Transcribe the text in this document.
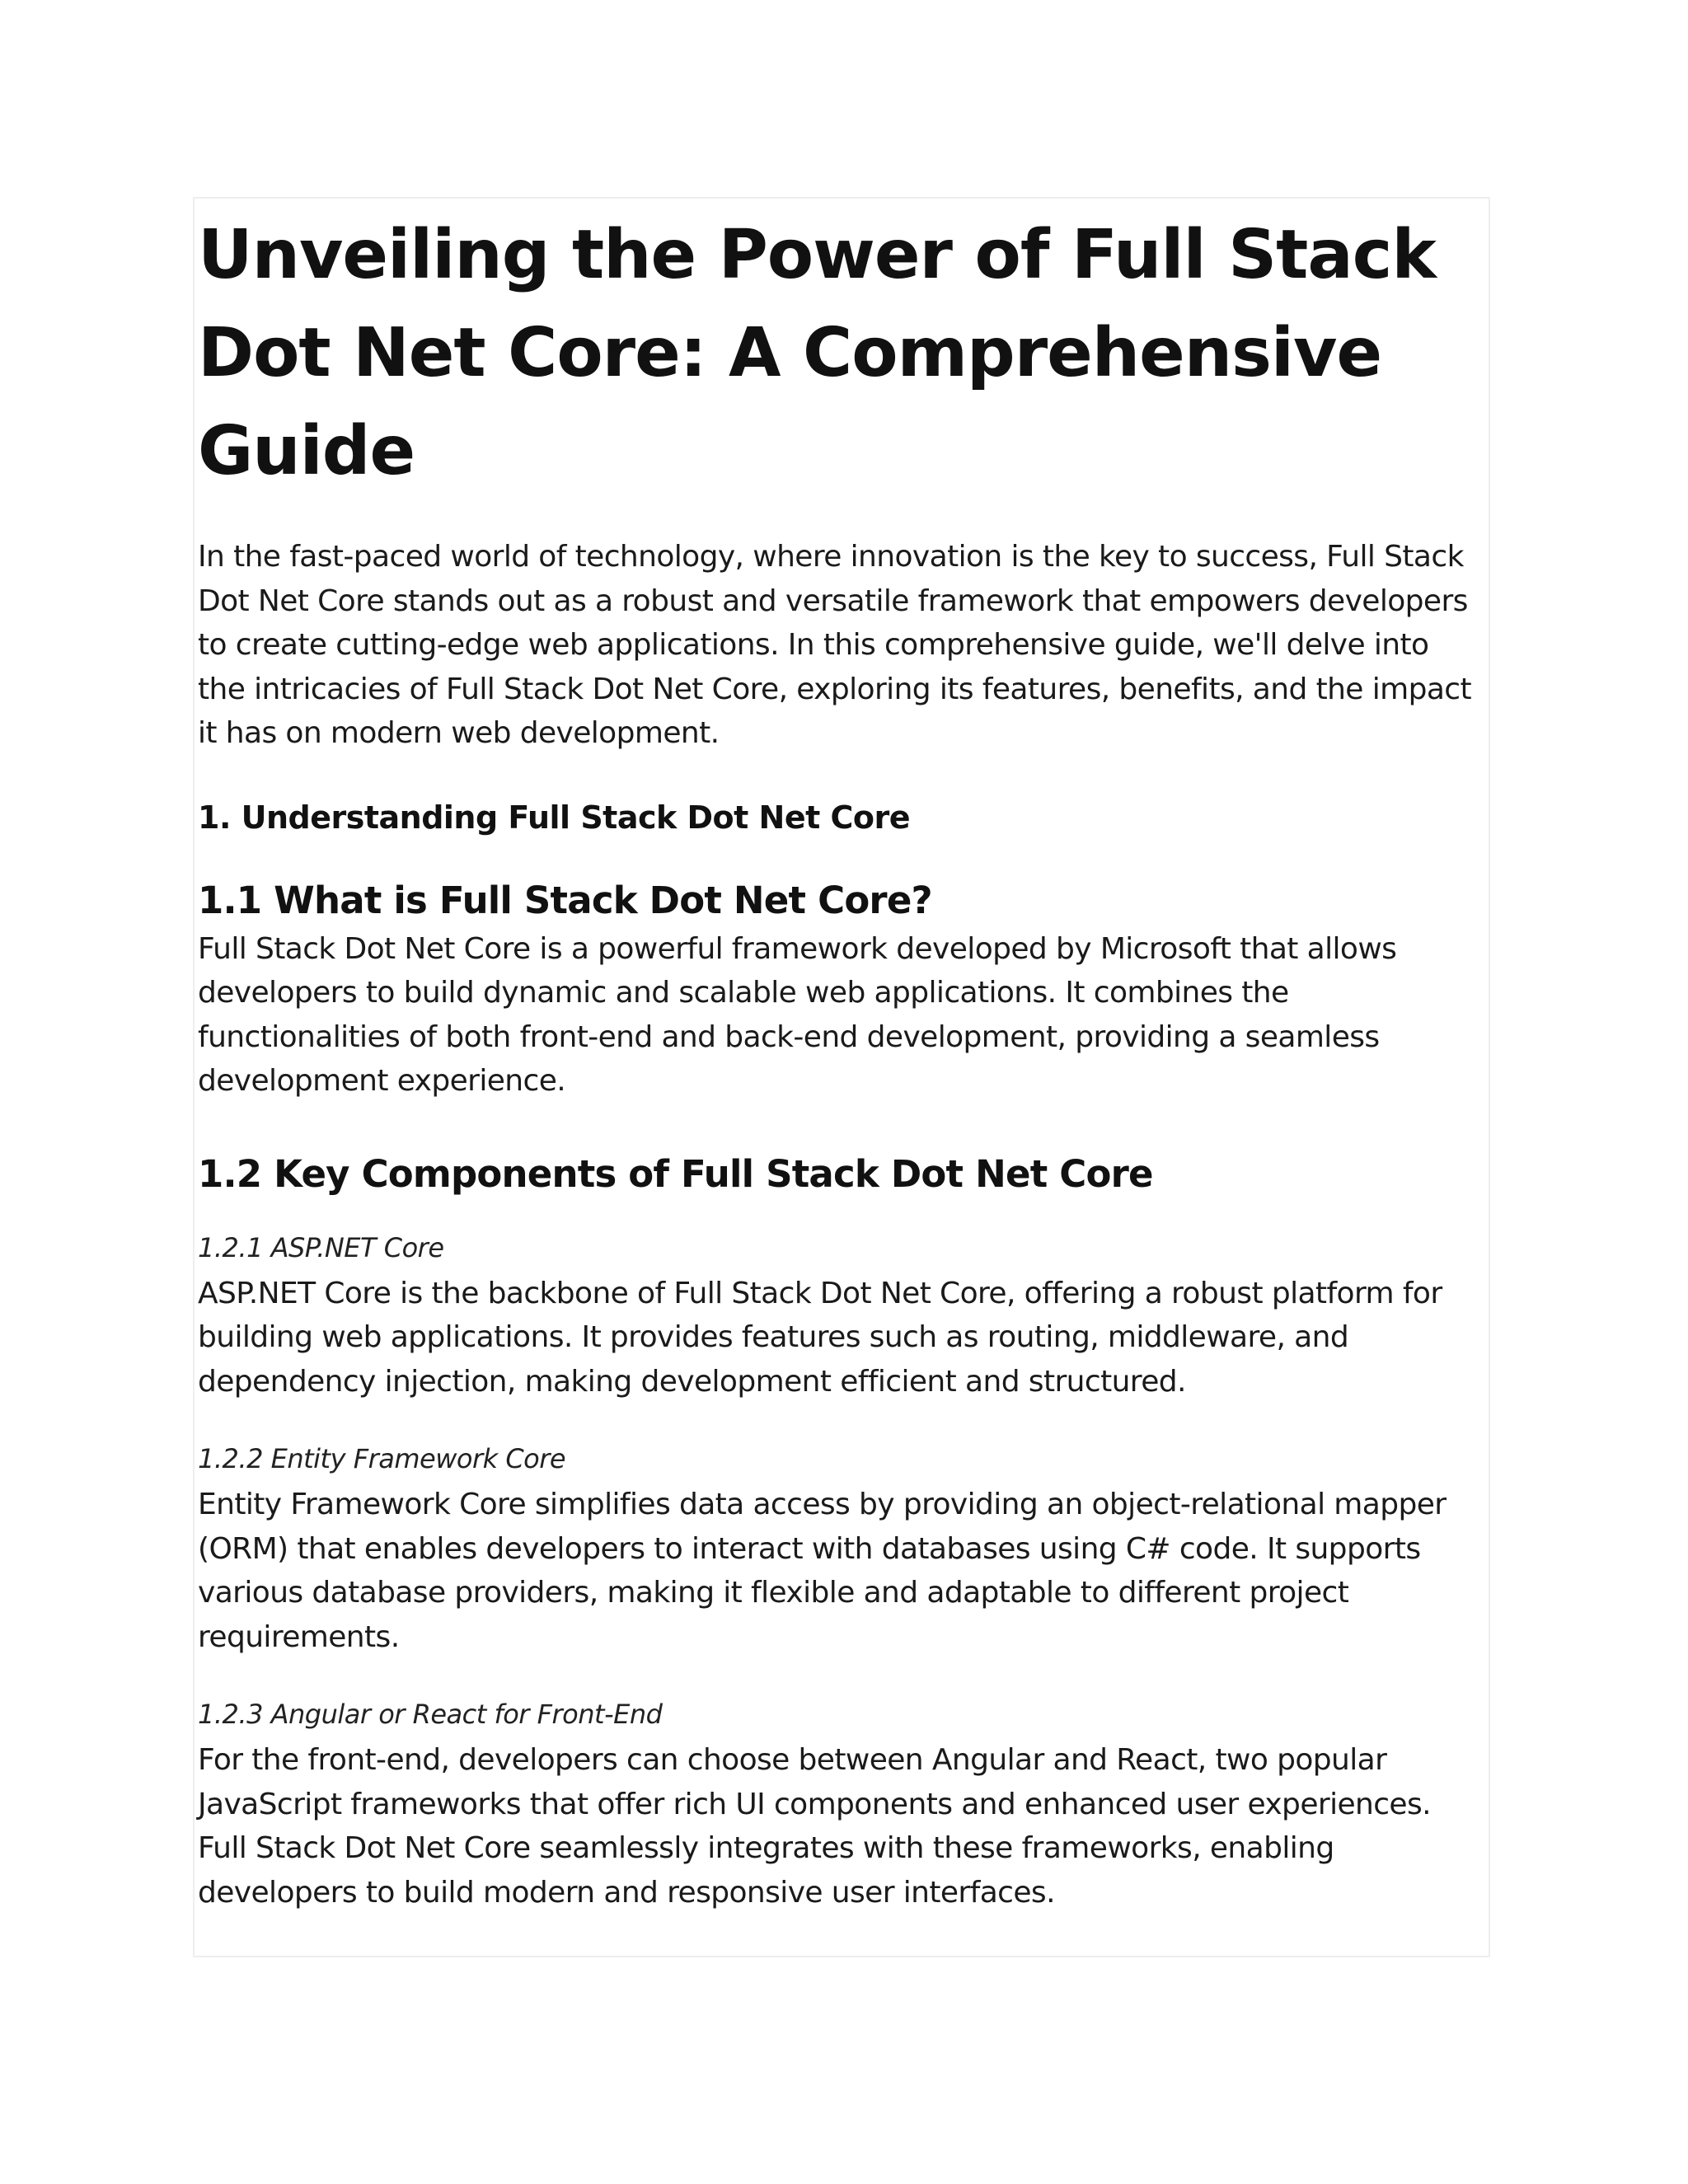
Unveiling the Power of Full Stack Dot Net Core: A Comprehensive Guide

In the fast-paced world of technology, where innovation is the key to success, Full Stack Dot Net Core stands out as a robust and versatile framework that empowers developers to create cutting-edge web applications. In this comprehensive guide, we'll delve into the intricacies of Full Stack Dot Net Core, exploring its features, benefits, and the impact it has on modern web development.

1. Understanding Full Stack Dot Net Core
1.1 What is Full Stack Dot Net Core?

Full Stack Dot Net Core is a powerful framework developed by Microsoft that allows developers to build dynamic and scalable web applications. It combines the functionalities of both front-end and back-end development, providing a seamless development experience.

1.2 Key Components of Full Stack Dot Net Core
1.2.1 ASP.NET Core

ASP.NET Core is the backbone of Full Stack Dot Net Core, offering a robust platform for building web applications. It provides features such as routing, middleware, and dependency injection, making development efficient and structured.

1.2.2 Entity Framework Core

Entity Framework Core simplifies data access by providing an object-relational mapper (ORM) that enables developers to interact with databases using C# code. It supports various database providers, making it flexible and adaptable to different project requirements.

1.2.3 Angular or React for Front-End

For the front-end, developers can choose between Angular and React, two popular JavaScript frameworks that offer rich UI components and enhanced user experiences. Full Stack Dot Net Core seamlessly integrates with these frameworks, enabling developers to build modern and responsive user interfaces.
